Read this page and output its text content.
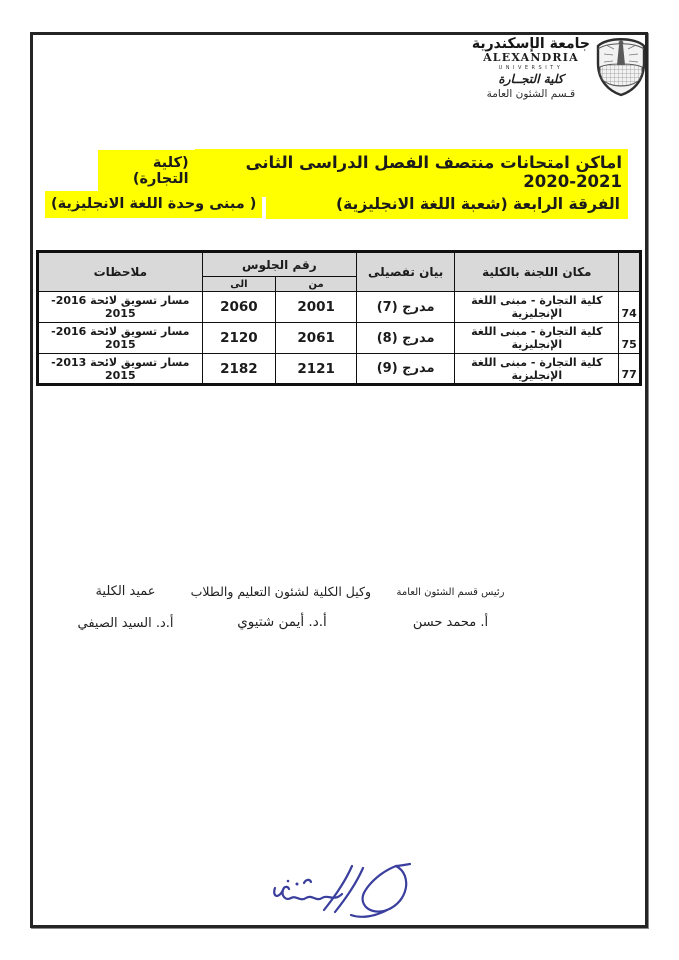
جامعة الإسكندرية
ALEXANDRIA
UNIVERSITY
كلية التجــارة
قـسم الشئون العامة
اماكن امتحانات منتصف الفصل الدراسى الثانى 2021-2020
(كلية التجارة)
الفرقة الرابعة (شعبة اللغة الانجليزية)
( مبنى وحدة اللغة الانجليزية)
	مكان اللجنة بالكلية	بيان تفصيلى	رقم الجلوس		ملاحظات
			من	الى	
74	كلية التجارة - مبنى اللغة الإنجليزية	مدرج (7)	2001	2060	مسار تسويق لائحة 2016-2015
75	كلية التجارة - مبنى اللغة الإنجليزية	مدرج (8)	2061	2120	مسار تسويق لائحة 2016-2015
77	كلية التجارة - مبنى اللغة الإنجليزية	مدرج (9)	2121	2182	مسار تسويق لائحة 2013-2015
رئيس قسم الشئون العامة
أ. محمد حسن
وكيل الكلية لشئون التعليم والطلاب
أ.د. أيمن شتيوي
عميد الكلية
أ.د. السيد الصيفي
